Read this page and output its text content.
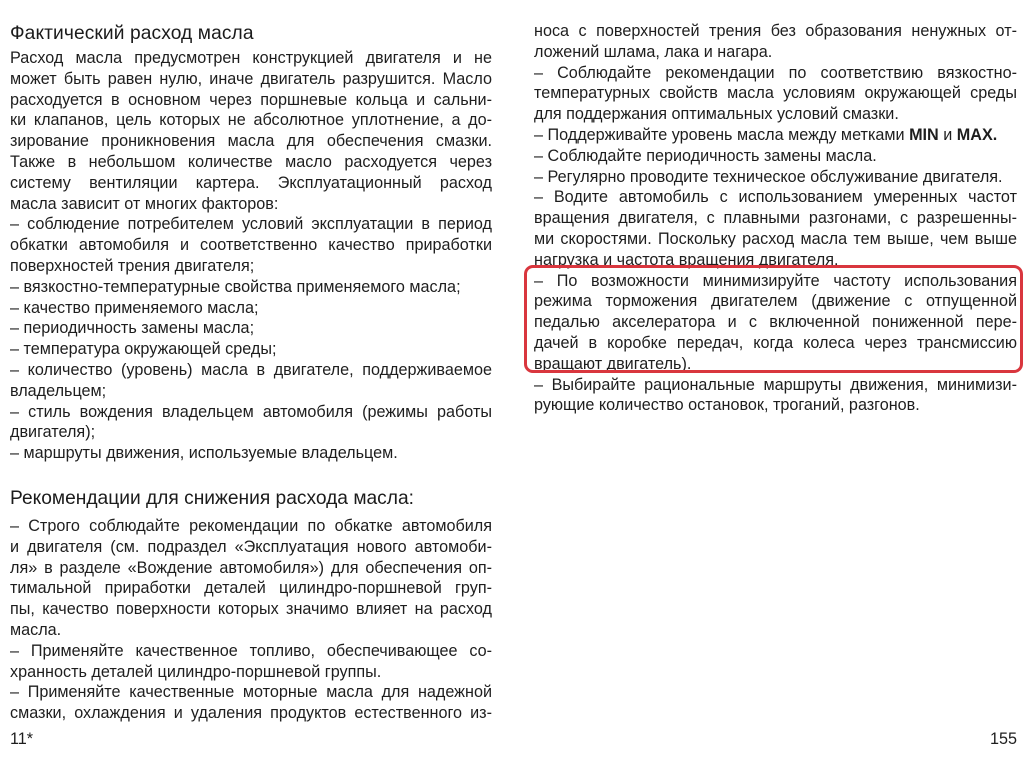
Фактический расход масла
Расход масла предусмотрен конструкцией двигателя и не
может быть равен нулю, иначе двигатель разрушится. Масло
расходуется в основном через поршневые кольца и сальни-
ки клапанов, цель которых не абсолютное уплотнение, а до-
зирование проникновения масла для обеспечения смазки.
Также в небольшом количестве масло расходуется через
систему вентиляции картера. Эксплуатационный расход
масла зависит от многих факторов:
– соблюдение потребителем условий эксплуатации в период
обкатки автомобиля и соответственно качество приработки
поверхностей трения двигателя;
– вязкостно-температурные свойства применяемого масла;
– качество применяемого масла;
– периодичность замены масла;
– температура окружающей среды;
– количество (уровень) масла в двигателе, поддерживаемое
владельцем;
– стиль вождения владельцем автомобиля (режимы работы
двигателя);
– маршруты движения, используемые владельцем.
Рекомендации для снижения расхода масла:
– Строго соблюдайте рекомендации по обкатке автомобиля
и двигателя (см. подраздел «Эксплуатация нового автомоби-
ля» в разделе «Вождение автомобиля») для обеспечения оп-
тимальной приработки деталей цилиндро-поршневой груп-
пы, качество поверхности которых значимо влияет на расход
масла.
– Применяйте качественное топливо, обеспечивающее со-
хранность деталей цилиндро-поршневой группы.
– Применяйте качественные моторные масла для надежной
смазки, охлаждения и удаления продуктов естественного из-
носа с поверхностей трения без образования ненужных от-
ложений шлама, лака и нагара.
– Соблюдайте рекомендации по соответствию вязкостно-
температурных свойств масла условиям окружающей среды
для поддержания оптимальных условий смазки.
– Поддерживайте уровень масла между метками MIN и MAX.
– Соблюдайте периодичность замены масла.
– Регулярно проводите техническое обслуживание двигателя.
– Водите автомобиль с использованием умеренных частот
вращения двигателя, с плавными разгонами, с разрешенны-
ми скоростями. Поскольку расход масла тем выше, чем выше
нагрузка и частота вращения двигателя.
– По возможности минимизируйте частоту использования
режима торможения двигателем (движение с отпущенной
педалью акселератора и с включенной пониженной пере-
дачей в коробке передач, когда колеса через трансмиссию
вращают двигатель).
– Выбирайте рациональные маршруты движения, минимизи-
рующие количество остановок, троганий, разгонов.
11*	155
